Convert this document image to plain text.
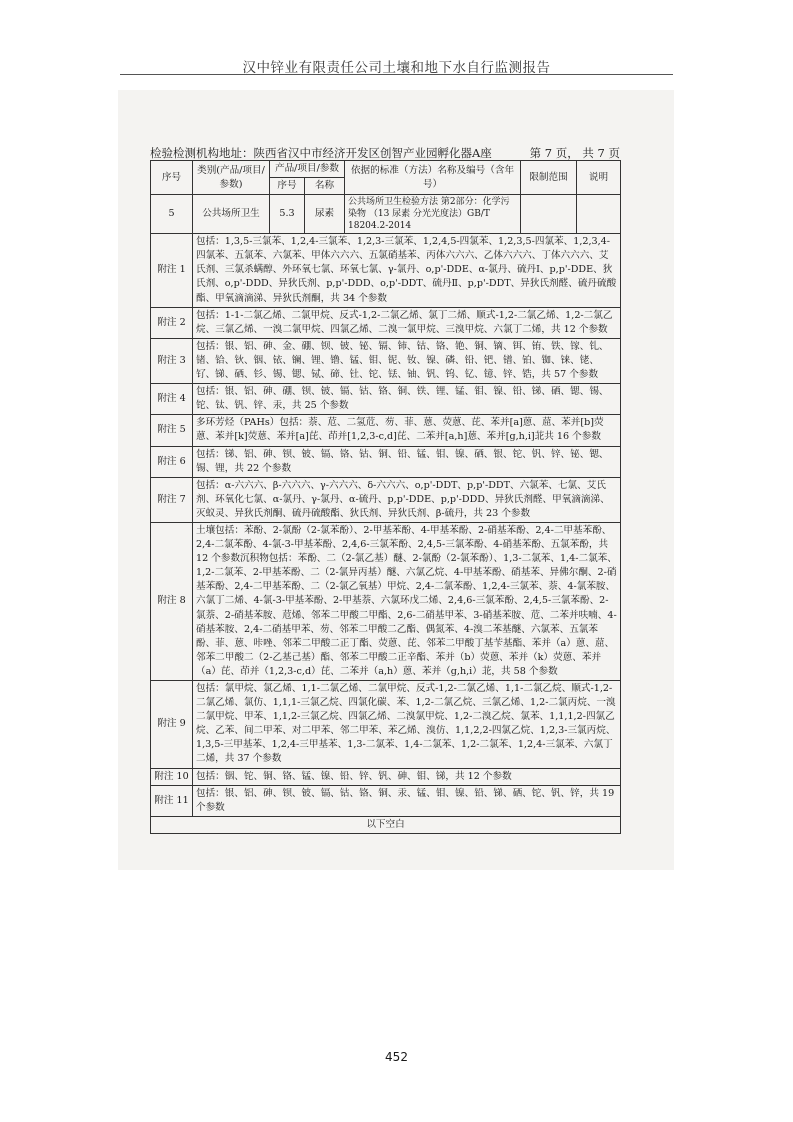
汉中锌业有限责任公司土壤和地下水自行监测报告
检验检测机构地址：陕西省汉中市经济开发区创智产业园孵化器A座	第 7 页， 共 7 页
序号	类别(产品/项目/参数)	产品/项目/参数		依据的标准（方法）名称及编号（含年号）	限制范围	说明
		序号	名称			
5	公共场所卫生	5.3	尿素	公共场所卫生检验方法 第2部分：化学污染物 （13 尿素 分光光度法）GB/T 18204.2-2014		
附注 1	包括：1,3,5-三氯苯、1,2,4-三氯苯、1,2,3-三氯苯、1,2,4,5-四氯苯、1,2,3,5-四氯苯、1,2,3,4-四氯苯、五氯苯、六氯苯、甲体六六六、五氯硝基苯、丙体六六六、乙体六六六、丁体六六六、艾氏剂、三氯杀螨醇、外环氧七氯、环氧七氯、γ-氯丹、o,p'-DDE、α-氯丹、硫丹Ⅰ、p,p'-DDE、狄氏剂、o,p'-DDD、异狄氏剂、p,p'-DDD、o,p'-DDT、硫丹Ⅱ、p,p'-DDT、异狄氏剂醛、硫丹硫酸酯、甲氧滴滴涕、异狄氏剂酮，共 34 个参数					
附注 2	包括：1-1-二氯乙烯、二氯甲烷、反式-1,2-二氯乙烯、氯丁二烯、顺式-1,2-二氯乙烯、1,2-二氯乙烷、三氯乙烯、一溴二氯甲烷、四氯乙烯、二溴一氯甲烷、三溴甲烷、六氯丁二烯，共 12 个参数					
附注 3	包括：银、铝、砷、金、硼、钡、铍、铋、镉、铈、钴、铬、铯、铜、镝、铒、铕、铁、镓、钆、锗、铪、钬、铟、铱、镧、锂、镥、锰、钼、铌、钕、镍、磷、铅、钯、镨、铂、铷、铼、铑、钌、锑、硒、钐、锡、锶、铽、碲、钍、铊、铥、铀、钒、钨、钇、镱、锌、锆，共 57 个参数					
附注 4	包括：银、铝、砷、硼、钡、铍、镉、钴、铬、铜、铁、锂、锰、钼、镍、铅、锑、硒、锶、锡、铊、钛、钒、锌、汞，共 25 个参数					
附注 5	多环芳烃（PAHs）包括：萘、苊、二氢苊、芴、菲、蒽、荧蒽、芘、苯并[a]蒽、䓛、苯并[b]荧蒽、苯并[k]荧蒽、苯并[a]芘、茚并[1,2,3-c,d]芘、二苯并[a,h]蒽、苯并[g,h,i]苝共 16 个参数					
附注 6	包括：锑、铝、砷、钡、铍、镉、铬、钴、铜、铅、锰、钼、镍、硒、银、铊、钒、锌、铋、锶、锡、锂，共 22 个参数					
附注 7	包括：α-六六六、β-六六六、γ-六六六、δ-六六六、o,p'-DDT、p,p'-DDT、六氯苯、七氯、艾氏剂、环氧化七氯、α-氯丹、γ-氯丹、α-硫丹、p,p'-DDE、p,p'-DDD、异狄氏剂醛、甲氧滴滴涕、灭蚁灵、异狄氏剂酮、硫丹硫酸酯、狄氏剂、异狄氏剂、β-硫丹，共 23 个参数					
附注 8	土壤包括：苯酚、2-氯酚（2-氯苯酚）、2-甲基苯酚、4-甲基苯酚、2-硝基苯酚、2,4-二甲基苯酚、2,4-二氯苯酚、4-氯-3-甲基苯酚、2,4,6-三氯苯酚、2,4,5-三氯苯酚、4-硝基苯酚、五氯苯酚，共 12 个参数沉积物包括：苯酚、二（2-氯乙基）醚、2-氯酚（2-氯苯酚）、1,3-二氯苯、1,4-二氯苯、1,2-二氯苯、2-甲基苯酚、二（2-氯异丙基）醚、六氯乙烷、4-甲基苯酚、硝基苯、异佛尔酮、2-硝基苯酚、2,4-二甲基苯酚、二（2-氯乙氧基）甲烷、2,4-二氯苯酚、1,2,4-三氯苯、萘、4-氯苯胺、六氯丁二烯、4-氯-3-甲基苯酚、2-甲基萘、六氯环戊二烯、2,4,6-三氯苯酚、2,4,5-三氯苯酚、2-氯萘、2-硝基苯胺、苊烯、邻苯二甲酸二甲酯、2,6-二硝基甲苯、3-硝基苯胺、苊、二苯并呋喃、4-硝基苯胺、2,4-二硝基甲苯、芴、邻苯二甲酸二乙酯、偶氮苯、4-溴二苯基醚、六氯苯、五氯苯酚、菲、蒽、咔唑、邻苯二甲酸二正丁酯、荧蒽、芘、邻苯二甲酸丁基苄基酯、苯并（a）蒽、䓛、邻苯二甲酸二（2-乙基己基）酯、邻苯二甲酸二正辛酯、苯并（b）荧蒽、苯并（k）荧蒽、苯并（a）芘、茚并（1,2,3-c,d）芘、二苯并（a,h）蒽、苯并（g,h,i）苝，共 58 个参数					
附注 9	包括：氯甲烷、氯乙烯、1,1-二氯乙烯、二氯甲烷、反式-1,2-二氯乙烯、1,1-二氯乙烷、顺式-1,2-二氯乙烯、氯仿、1,1,1-三氯乙烷、四氯化碳、苯、1,2-二氯乙烷、三氯乙烯、1,2-二氯丙烷、一溴二氯甲烷、甲苯、1,1,2-三氯乙烷、四氯乙烯、二溴氯甲烷、1,2-二溴乙烷、氯苯、1,1,1,2-四氯乙烷、乙苯、间二甲苯、对二甲苯、邻二甲苯、苯乙烯、溴仿、1,1,2,2-四氯乙烷、1,2,3-三氯丙烷、1,3,5-三甲基苯、1,2,4-三甲基苯、1,3-二氯苯、1,4-二氯苯、1,2-二氯苯、1,2,4-三氯苯、六氯丁二烯，共 37 个参数					
附注 10	包括：铟、铊、铜、铬、锰、镍、铅、锌、钒、砷、钼、锑，共 12 个参数					
附注 11	包括：银、铝、砷、钡、铍、镉、钴、铬、铜、汞、锰、钼、镍、铅、锑、硒、铊、钒、锌，共 19 个参数					
以下空白						
452
